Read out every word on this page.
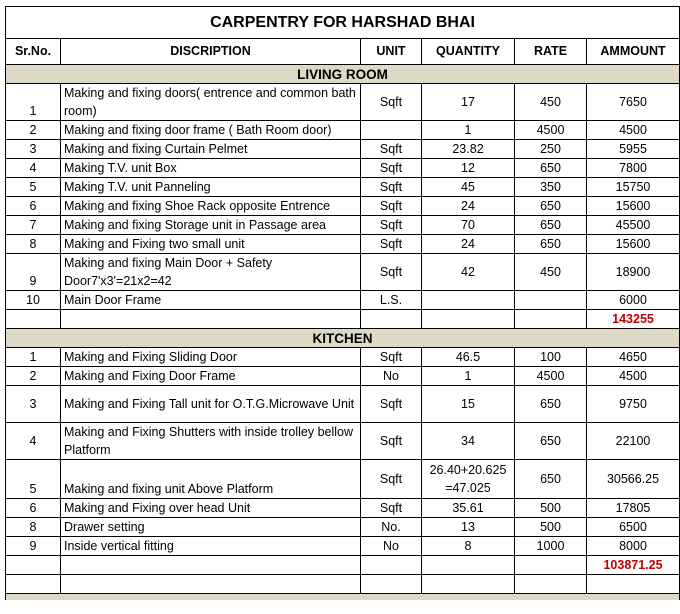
CARPENTRY FOR HARSHAD BHAI					
Sr.No.	DISCRIPTION	UNIT	QUANTITY	RATE	AMMOUNT
LIVING ROOM					
1	Making and fixing doors( entrence and common bath room)	Sqft	17	450	7650
2	Making and fixing door frame ( Bath Room door)		1	4500	4500
3	Making and fixing Curtain Pelmet	Sqft	23.82	250	5955
4	Making T.V. unit Box	Sqft	12	650	7800
5	Making T.V. unit Panneling	Sqft	45	350	15750
6	Making and fixing Shoe Rack opposite Entrence	Sqft	24	650	15600
7	Making and fixing Storage unit in Passage area	Sqft	70	650	45500
8	Making and Fixing two small unit	Sqft	24	650	15600
9	Making and fixing Main Door + Safety Door7'x3'=21x2=42	Sqft	42	450	18900
10	Main Door Frame	L.S.			6000
					143255
KITCHEN					
1	Making and Fixing Sliding Door	Sqft	46.5	100	4650
2	Making and Fixing Door Frame	No	1	4500	4500
3	Making and Fixing Tall unit for O.T.G.Microwave Unit	Sqft	15	650	9750
4	Making and Fixing Shutters with inside trolley bellow Platform	Sqft	34	650	22100
5	Making and fixing unit Above Platform	Sqft	26.40+20.625 =47.025	650	30566.25
6	Making and Fixing over head Unit	Sqft	35.61	500	17805
8	Drawer setting	No.	13	500	6500
9	Inside vertical fitting	No	8	1000	8000
					103871.25
